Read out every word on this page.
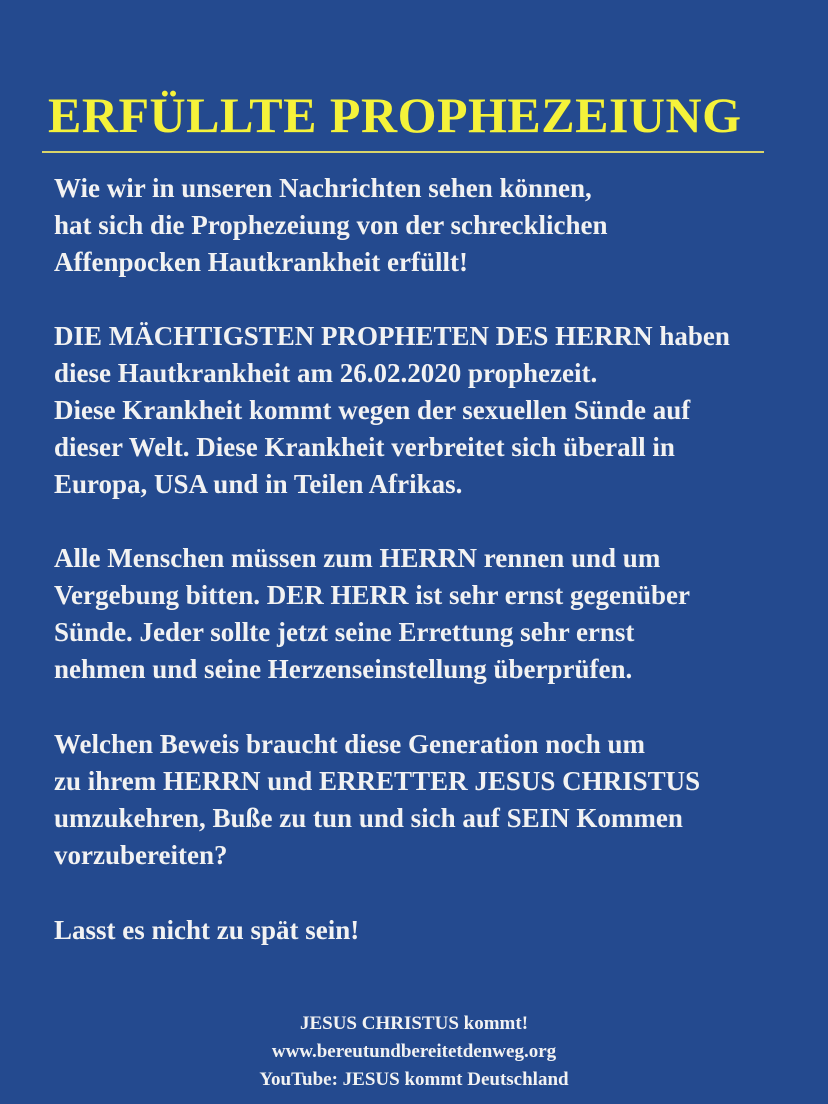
ERFÜLLTE PROPHEZEIUNG

Wie wir in unseren Nachrichten sehen können,
hat sich die Prophezeiung von der schrecklichen
Affenpocken Hautkrankheit erfüllt!

DIE MÄCHTIGSTEN PROPHETEN DES HERRN haben
diese Hautkrankheit am 26.02.2020 prophezeit.
Diese Krankheit kommt wegen der sexuellen Sünde auf
dieser Welt. Diese Krankheit verbreitet sich überall in
Europa, USA und in Teilen Afrikas.

Alle Menschen müssen zum HERRN rennen und um
Vergebung bitten. DER HERR ist sehr ernst gegenüber
Sünde. Jeder sollte jetzt seine Errettung sehr ernst
nehmen und seine Herzenseinstellung überprüfen.

Welchen Beweis braucht diese Generation noch um
zu ihrem HERRN und ERRETTER JESUS CHRISTUS
umzukehren, Buße zu tun und sich auf SEIN Kommen
vorzubereiten?

Lasst es nicht zu spät sein!

JESUS CHRISTUS kommt!
www.bereutundbereitetdenweg.org
YouTube: JESUS kommt Deutschland
